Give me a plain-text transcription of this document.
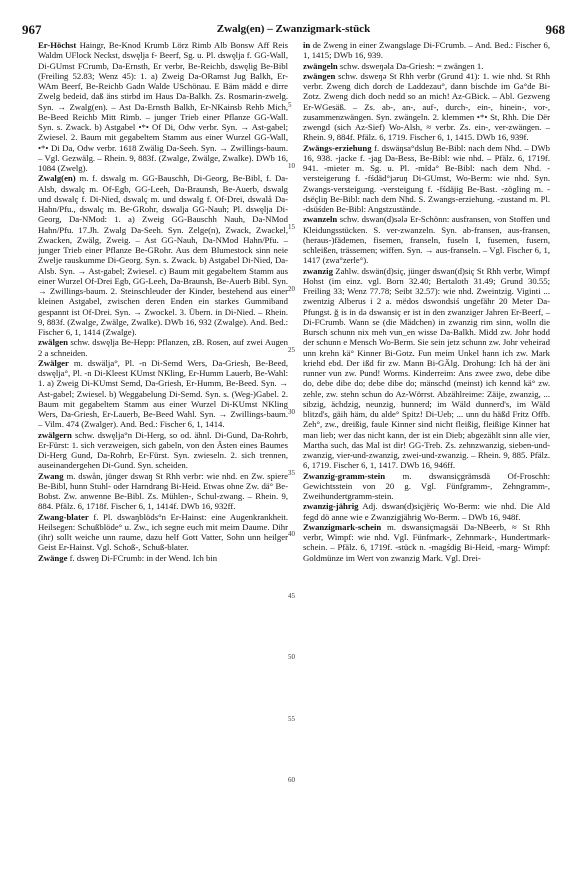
967	Zwalg(en) – Zwanzigmark-stück	968

Er-Höchst Haingr, Be-Knod Krumb Lörz Rimb Alb Bonsw Aff Reis Waldm UFlock Neckst, dswęlja f- Beerf, Sg. u. Pl. dswęlja f. GG-Wall, Di-GUmst FCrumb, Da-Ernsth, Er verbr, Be-Reichb, dswęlig Be-Bibl (Freiling 52.83; Wenz 45): 1. a) Zweig Da-ORamst Jug Balkh, Er-WAm Beerf, Be-Reichb Gadn Walde USchönau. E Bäm mädd e dirre Zwelg bedeid, daß äns stirbd im Haus Da-Balkh. Zs. Rosmarin-zwelg. Syn. → Zwalg(en). – Ast Da-Ernsth Balkh, Er-NKainsb Rehb Mich, Be-Beed Reichb Mitt Rimb. – junger Trieb einer Pflanze GG-Wall. Syn. s. Zwack. b) Astgabel •*• Of Di, Odw verbr. Syn. → Ast-gabel; Zwiesel. 2. Baum mit gegabeltem Stamm aus einer Wurzel GG-Wall, •*• Di Da, Odw verbr. 1618 Zwälig Da-Seeh. Syn. → Zwillings-baum. – Vgl. Gezwälg. – Rhein. 9, 883f. (Zwalge, Zwälge, Zwalke). DWb 16, 1084 (Zwelg).

Zwalg(en) m. f. dswalg m. GG-Bauschh, Di-Georg, Be-Bibl, f. Da-Alsb, dswalç m. Of-Egb, GG-Leeh, Da-Braunsh, Be-Auerb, dswalg und dswalç f. Di-Nied, dswalç m. und dswalg f. Of-Drei, dswalå Da-Hahn/Pfu., dswalç m. Be-GRohr, dswalja GG-Nauh; Pl. dswęlja Di-Georg, Da-NMod: 1. a) Zweig GG-Bauschh Nauh, Da-NMod Hahn/Pfu. 17.Jh. Zwalg Da-Seeh. Syn. Zelge(n), Zwack, Zwackel, Zwacken, Zwälg, Zweig. – Ast GG-Nauh, Da-NMod Hahn/Pfu. – junger Trieb einer Pflanze Be-GRohr. Aus dem Blumestock sinn neie Zwelje rauskumme Di-Georg. Syn. s. Zwack. b) Astgabel Di-Nied, Da-Alsb. Syn. → Ast-gabel; Zwiesel. c) Baum mit gegabeltem Stamm aus einer Wurzel Of-Drei Egb, GG-Leeh, Da-Braunsh, Be-Auerb Bibl. Syn. → Zwillings-baum. 2. Steinschleuder der Kinder, bestehend aus einer kleinen Astgabel, zwischen deren Enden ein starkes Gummiband gespannt ist Of-Drei. Syn. → Zwockel. 3. Übern. in Di-Nied. – Rhein. 9, 883f. (Zwalge, Zwälge, Zwalke). DWb 16, 932 (Zwalge). And. Bed.: Fischer 6, 1, 1414 (Zwalge).

zwälgen schw. dswęlja Be-Hepp: Pflanzen, zB. Rosen, auf zwei Augen 2 a schneiden.

Zwälger m. dswälja°, Pl. -n Di-Semd Wers, Da-Griesh, Be-Beed, dswęlja°, Pl. -n Di-Kleest KUmst NKling, Er-Humm Lauerb, Be-Wahl: 1. a) Zweig Di-KUmst Semd, Da-Griesh, Er-Humm, Be-Beed. Syn. → Ast-gabel; Zwiesel. b) Weggabelung Di-Semd. Syn. s. (Weg-)Gabel. 2. Baum mit gegabeltem Stamm aus einer Wurzel Di-KUmst NKling Wers, Da-Griesh, Er-Lauerb, Be-Beed Wahl. Syn. → Zwillings-baum. – Vilm. 474 (Zwalger). And. Bed.: Fischer 6, 1, 1414.

zwälgern schw. dswęlja°n Di-Herg, so od. ähnl. Di-Gund, Da-Rohrb, Er-Fürst: 1. sich verzweigen, sich gabeln, von den Ästen eines Baumes Di-Herg Gund, Da-Rohrb, Er-Fürst. Syn. zwieseln. 2. sich trennen, auseinandergehen Di-Gund. Syn. scheiden.

Zwang m. dswån, jünger dswaŋ St Rhh verbr: wie nhd. en Zw. spiere Be-Bibl, hunn Stuhl- oder Harndrang Bi-Heid. Etwas ohne Zw. dä° Be-Bobst. Zw. anwenne Be-Bibl. Zs. Mühlen-, Schul-zwang. – Rhein. 9, 884. Pfälz. 6, 1718f. Fischer 6, 1, 1414f. DWb 16, 932ff.

Zwang-blater f. Pl. dswaŋblöds°n Er-Hainst: eine Augenkrankheit. Heilsegen: Schußblöde° u. Zw., ich segne euch mit meim Daume. Dihr (ihr) sollt weiche unn raume, dazu helf Gott Vatter, Sohn unn heilger Geist Er-Hainst. Vgl. Schoß-, Schuß-blater.

Zwänge f. dsweŋ Di-FCrumb: in der Wend. Ich bin

5
10
15
20
25
30
35
40
45
50
55
60

in de Zweng in einer Zwangslage Di-FCrumb. – And. Bed.: Fischer 6, 1, 1415; DWb 16, 939.

zwängeln schw. dsweŋəla Da-Griesh: = zwängen 1.

zwängen schw. dsweŋə St Rhh verbr (Grund 41): 1. wie nhd. St Rhh verbr. Zweng dich dorch de Laddezau°, dann bischde im Ga°de Bi-Zotz. Zweng dich doch nedd so an mich! Az-GBick. – Abl. Gezweng Er-WGesäß. – Zs. ab-, an-, auf-, durch-, ein-, hinein-, vor-, zusammenzwängen. Syn. zwängeln. 2. klemmen •*• St, Rhh. Die Dër zwengd (sich Az-Sief) Wo-Alsh, ≈ verbr. Zs. ein-, ver-zwängen. – Rhein. 9, 884f. Pfälz. 6, 1719. Fischer 6, 1, 1415. DWb 16, 939f.

Zwängs-erziehung f. dswäŋsa°dsluŋ Be-Bibl: nach dem Nhd. – DWb 16, 938. -jacke f. -jag Da-Bess, Be-Bibl: wie nhd. – Pfälz. 6, 1719f. 941. -mieter m. Sg. u. Pl. -mïdə° Be-Bibl: nach dem Nhd. -versteigerung f. -fśdäd°jəruŋ Di-GUmst, Wo-Berm: wie nhd. Syn. Zwangs-versteigung. -versteigung f. -fśdäjig Be-Bast. -zögling m. -dsëçliŋ Be-Bibl: nach dem Nhd. S. Zwangs-erziehung. -zustand m. Pl. -dsüśden Be-Bibl: Angstzustände.

zwanzeln schw. dswan(d)sələ Er-Schönn: ausfransen, von Stoffen und Kleidungsstücken. S. ver-zwanzeln. Syn. ab-fransen, aus-fransen, (heraus-)fädemen, fisemen, franseln, fuseln I, fusemen, fusern, schleißen, trässemen; wiffen. Syn. → aus-franseln. – Vgl. Fischer 6, 1, 1417 (zwa°zerle°).

zwanzig Zahlw. dswän(d)siç, jünger dswan(d)siç St Rhh verbr, Wimpf Hohst (im einz. vgl. Born 32.40; Bertaloth 31.49; Grund 30.55; Freiling 33; Wenz 77.78; Seibt 32.57): wie nhd. Zweintzig. Viginti ... zwentzig Alberus i 2 a. mëdos dswondsiś ungefähr 20 Meter Da-Pfungst. ğ is in də dswansiç er ist in den zwanziger Jahren Er-Beerf, – Di-FCrumb. Wann se (die Mädchen) in zwanzig rim sinn, wolln die Bursch schunn nix meh vun_en wisse Da-Balkh. Midd zw. Johr hodd der schunn e Mensch Wo-Berm. Sie sein jetz schunn zw. Johr veheirad unn krehn kä° Kinner Bi-Gotz. Fun meim Unkel hann ich zw. Mark kriehd ebd. Der ißd fir zw. Mann Bi-GÄlg. Drohung: Ich hä der äni runner vun zw. Pund! Worms. Kinderreim: Ans zwee zwo, debe dibe do, debe dibe do; debe dibe do; mänschd (meinst) ich kennd kä° zw. zehle, zw. stehn schun do Az-Wörrst. Abzählreime: Zäije, zwanzig, ... sibzig, ächdzig, neunzig, hunnerd; im Wäld dunnerd's, im Wäld blitzd's, gäih häm, du alde° Spitz! Di-Ueb; ... unn du häßd Fritz Offb. Zeh°, zw., dreißig, faule Kinner sind nicht fleißig, fleißige Kinner hat man lieb; wer das nicht kann, der ist ein Dieb; abgezählt sinn alle vier, Martha such, das Mal ist dir! GG-Treb. Zs. zehnzwanzig, sieben-und-zwanzig, vier-und-zwanzig, zwei-und-zwanzig. – Rhein. 9, 885. Pfälz. 6, 1719. Fischer 6, 1, 1417. DWb 16, 946ff.

Zwanzig-gramm-stein m. dswansiçgrämsdä Of-Froschh: Gewichtsstein von 20 g. Vgl. Fünfgramm-, Zehngramm-, Zweihundertgramm-stein.

zwanzig-jährig Adj. dswan(d)siçjëriç Wo-Berm: wie nhd. Die Ald fegd dö anne wie e Zwanzigjährig Wo-Berm. – DWb 16, 948f.

Zwanzigmark-schein m. dswansiçmagsäi Da-NBeerb, ≈ St Rhh verbr, Wimpf: wie nhd. Vgl. Fünfmark-, Zehnmark-, Hundertmark-schein. – Pfälz. 6, 1719f. -stück n. -magśdig Bi-Heid, -marg- Wimpf: Goldmünze im Wert von zwanzig Mark. Vgl. Drei-
